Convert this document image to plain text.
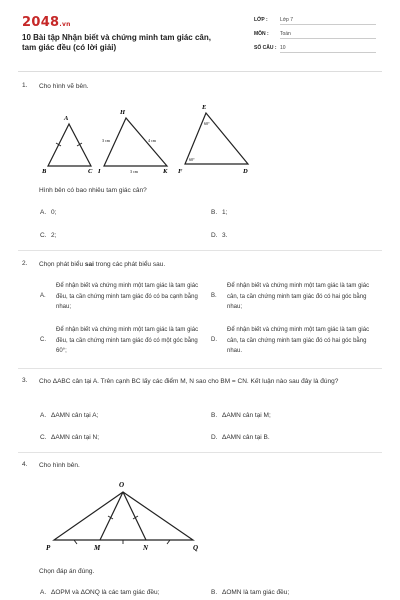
2048.vn
10 Bài tập Nhận biết và chứng minh tam giác cân, tam giác đều (có lời giải)
LỚP : Lớp 7
MÔN : Toán
SỐ CÂU : 10
1. Cho hình vẽ bên.
A
B	C
H
I	K
3 cm	4 cm
3 cm
E
F	D
60°
60°
Hình bên có bao nhiêu tam giác cân?
A. 0;	B. 1;
C. 2;	D. 3.
2. Chọn phát biểu sai trong các phát biểu sau.
A.
Để nhận biết và chứng minh một tam giác là tam giác đều, ta cần chứng minh tam giác đó có ba cạnh bằng nhau;
B.
Để nhận biết và chứng minh một tam giác là tam giác cân, ta cần chứng minh tam giác đó có hai góc bằng nhau;
C.
Để nhận biết và chứng minh một tam giác là tam giác đều, ta cần chứng minh tam giác đó có một góc bằng 60°;
D.
Để nhận biết và chứng minh một tam giác là tam giác cân, ta cần chứng minh tam giác đó có hai góc bằng nhau.
3. Cho ΔABC cân tại A. Trên cạnh BC lấy các điểm M, N sao cho BM = CN. Kết luận nào sau đây là đúng?
A. ΔAMN cân tại A;	B. ΔAMN cân tại M;
C. ΔAMN cân tại N;	D. ΔAMN cân tại B.
4. Cho hình bên.
O
P	M	N	Q
Chọn đáp án đúng.
A. ΔOPM và ΔONQ là các tam giác đều;	B. ΔOMN là tam giác đều;
